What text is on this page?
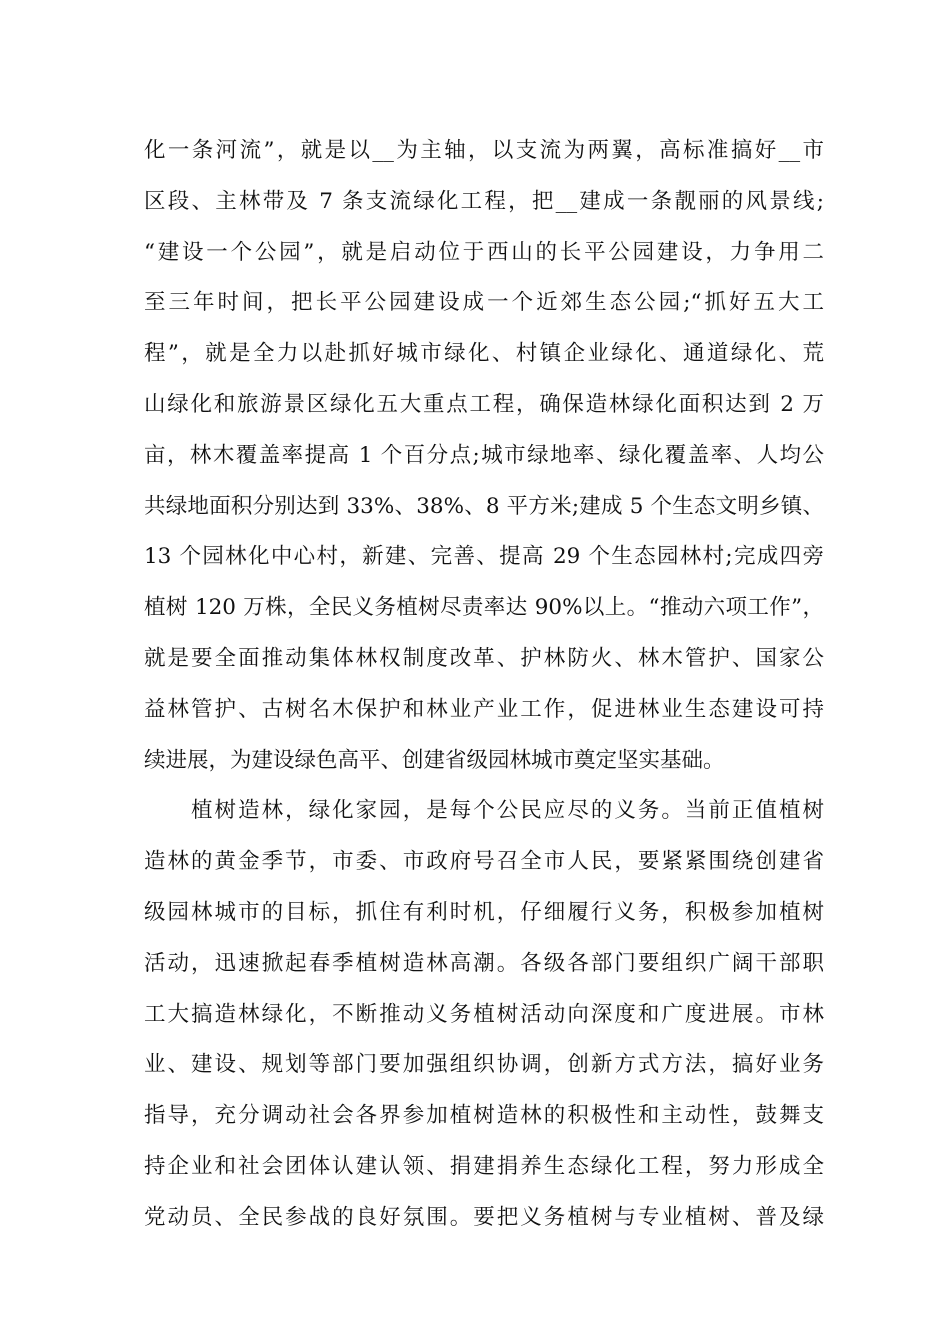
化一条河流”，就是以__为主轴，以支流为两翼，高标准搞好__市
区段、主林带及 7 条支流绿化工程，把__建成一条靓丽的风景线;
“建设一个公园”，就是启动位于西山的长平公园建设，力争用二
至三年时间，把长平公园建设成一个近郊生态公园;“抓好五大工
程”，就是全力以赴抓好城市绿化、村镇企业绿化、通道绿化、荒
山绿化和旅游景区绿化五大重点工程，确保造林绿化面积达到 2 万
亩，林木覆盖率提高 1 个百分点;城市绿地率、绿化覆盖率、人均公
共绿地面积分别达到 33%、38%、8 平方米;建成 5 个生态文明乡镇、
13 个园林化中心村，新建、完善、提高 29 个生态园林村;完成四旁
植树 120 万株，全民义务植树尽责率达 90%以上。“推动六项工作”，
就是要全面推动集体林权制度改革、护林防火、林木管护、国家公
益林管护、古树名木保护和林业产业工作，促进林业生态建设可持
续进展，为建设绿色高平、创建省级园林城市奠定坚实基础。
　　植树造林，绿化家园，是每个公民应尽的义务。当前正值植树
造林的黄金季节，市委、市政府号召全市人民，要紧紧围绕创建省
级园林城市的目标，抓住有利时机，仔细履行义务，积极参加植树
活动，迅速掀起春季植树造林高潮。各级各部门要组织广阔干部职
工大搞造林绿化，不断推动义务植树活动向深度和广度进展。市林
业、建设、规划等部门要加强组织协调，创新方式方法，搞好业务
指导，充分调动社会各界参加植树造林的积极性和主动性，鼓舞支
持企业和社会团体认建认领、捐建捐养生态绿化工程，努力形成全
党动员、全民参战的良好氛围。要把义务植树与专业植树、普及绿
